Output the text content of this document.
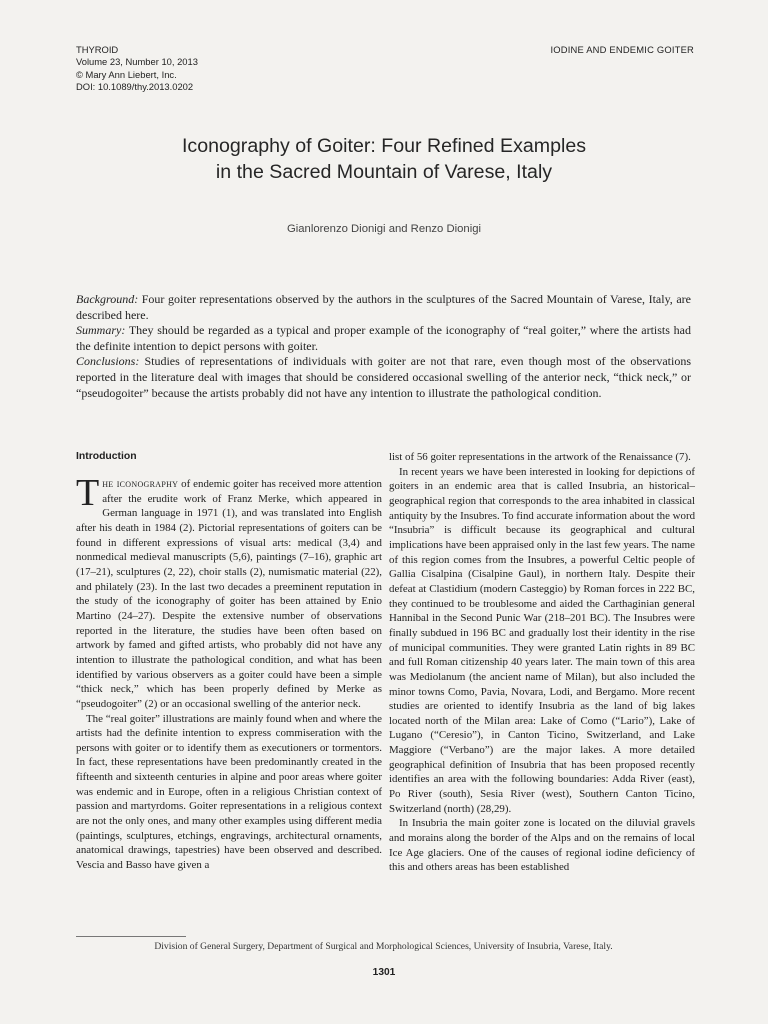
THYROID
Volume 23, Number 10, 2013
© Mary Ann Liebert, Inc.
DOI: 10.1089/thy.2013.0202
IODINE AND ENDEMIC GOITER
Iconography of Goiter: Four Refined Examples
in the Sacred Mountain of Varese, Italy
Gianlorenzo Dionigi and Renzo Dionigi

Background: Four goiter representations observed by the authors in the sculptures of the Sacred Mountain of Varese, Italy, are described here.

Summary: They should be regarded as a typical and proper example of the iconography of “real goiter,” where the artists had the definite intention to depict persons with goiter.

Conclusions: Studies of representations of individuals with goiter are not that rare, even though most of the observations reported in the literature deal with images that should be considered occasional swelling of the anterior neck, “thick neck,” or “pseudogoiter” because the artists probably did not have any intention to illustrate the pathological condition.

Introduction

The iconography of endemic goiter has received more attention after the erudite work of Franz Merke, which appeared in German language in 1971 (1), and was translated into English after his death in 1984 (2). Pictorial representations of goiters can be found in different expressions of visual arts: medical (3,4) and nonmedical medieval manuscripts (5,6), paintings (7–16), graphic art (17–21), sculptures (2, 22), choir stalls (2), numismatic material (22), and philately (23). In the last two decades a preeminent reputation in the study of the iconography of goiter has been attained by Enio Martino (24–27). Despite the extensive number of observations reported in the literature, the studies have been often based on artwork by famed and gifted artists, who probably did not have any intention to illustrate the pathological condition, and what has been identified by various observers as a goiter could have been a simple “thick neck,” which has been properly defined by Merke as “pseudogoiter” (2) or an occasional swelling of the anterior neck.

The “real goiter” illustrations are mainly found when and where the artists had the definite intention to express commiseration with the persons with goiter or to identify them as executioners or tormentors. In fact, these representations have been predominantly created in the fifteenth and sixteenth centuries in alpine and poor areas where goiter was endemic and in Europe, often in a religious Christian context of passion and martyrdoms. Goiter representations in a religious context are not the only ones, and many other examples using different media (paintings, sculptures, etchings, engravings, architectural ornaments, anatomical drawings, tapestries) have been observed and described. Vescia and Basso have given a

list of 56 goiter representations in the artwork of the Renaissance (7).

In recent years we have been interested in looking for depictions of goiters in an endemic area that is called Insubria, an historical–geographical region that corresponds to the area inhabited in classical antiquity by the Insubres. To find accurate information about the word “Insubria” is difficult because its geographical and cultural implications have been appraised only in the last few years. The name of this region comes from the Insubres, a powerful Celtic people of Gallia Cisalpina (Cisalpine Gaul), in northern Italy. Despite their defeat at Clastidium (modern Casteggio) by Roman forces in 222 BC, they continued to be troublesome and aided the Carthaginian general Hannibal in the Second Punic War (218–201 BC). The Insubres were finally subdued in 196 BC and gradually lost their identity in the rise of municipal communities. They were granted Latin rights in 89 BC and full Roman citizenship 40 years later. The main town of this area was Mediolanum (the ancient name of Milan), but also included the minor towns Como, Pavia, Novara, Lodi, and Bergamo. More recent studies are oriented to identify Insubria as the land of big lakes located north of the Milan area: Lake of Como (“Lario”), Lake of Lugano (“Ceresio”), in Canton Ticino, Switzerland, and Lake Maggiore (“Verbano”) are the major lakes. A more detailed geographical definition of Insubria that has been proposed recently identifies an area with the following boundaries: Adda River (east), Po River (south), Sesia River (west), Southern Canton Ticino, Switzerland (north) (28,29).

In Insubria the main goiter zone is located on the diluvial gravels and morains along the border of the Alps and on the remains of local Ice Age glaciers. One of the causes of regional iodine deficiency of this and others areas has been established

Division of General Surgery, Department of Surgical and Morphological Sciences, University of Insubria, Varese, Italy.
1301
